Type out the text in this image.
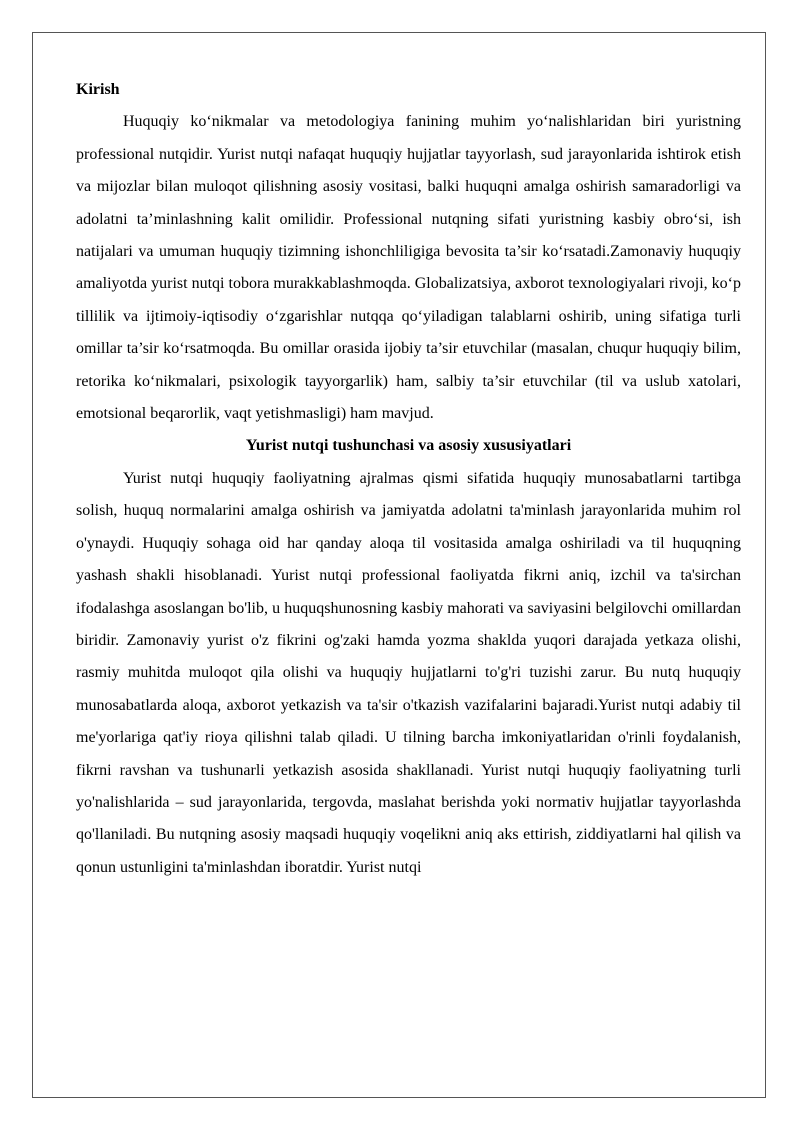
Kirish

Huquqiy ko‘nikmalar va metodologiya fanining muhim yo‘nalishlaridan biri yuristning professional nutqidir. Yurist nutqi nafaqat huquqiy hujjatlar tayyorlash, sud jarayonlarida ishtirok etish va mijozlar bilan muloqot qilishning asosiy vositasi, balki huquqni amalga oshirish samaradorligi va adolatni ta’minlashning kalit omilidir. Professional nutqning sifati yuristning kasbiy obro‘si, ish natijalari va umuman huquqiy tizimning ishonchliligiga bevosita ta’sir ko‘rsatadi.Zamonaviy huquqiy amaliyotda yurist nutqi tobora murakkablashmoqda. Globalizatsiya, axborot texnologiyalari rivoji, ko‘p tillilik va ijtimoiy-iqtisodiy o‘zgarishlar nutqqa qo‘yiladigan talablarni oshirib, uning sifatiga turli omillar ta’sir ko‘rsatmoqda. Bu omillar orasida ijobiy ta’sir etuvchilar (masalan, chuqur huquqiy bilim, retorika ko‘nikmalari, psixologik tayyorgarlik) ham, salbiy ta’sir etuvchilar (til va uslub xatolari, emotsional beqarorlik, vaqt yetishmasligi) ham mavjud.

Yurist nutqi tushunchasi va asosiy xususiyatlari

Yurist nutqi huquqiy faoliyatning ajralmas qismi sifatida huquqiy munosabatlarni tartibga solish, huquq normalarini amalga oshirish va jamiyatda adolatni ta'minlash jarayonlarida muhim rol o'ynaydi. Huquqiy sohaga oid har qanday aloqa til vositasida amalga oshiriladi va til huquqning yashash shakli hisoblanadi. Yurist nutqi professional faoliyatda fikrni aniq, izchil va ta'sirchan ifodalashga asoslangan bo'lib, u huquqshunosning kasbiy mahorati va saviyasini belgilovchi omillardan biridir. Zamonaviy yurist o'z fikrini og'zaki hamda yozma shaklda yuqori darajada yetkaza olishi, rasmiy muhitda muloqot qila olishi va huquqiy hujjatlarni to'g'ri tuzishi zarur. Bu nutq huquqiy munosabatlarda aloqa, axborot yetkazish va ta'sir o'tkazish vazifalarini bajaradi.Yurist nutqi adabiy til me'yorlariga qat'iy rioya qilishni talab qiladi. U tilning barcha imkoniyatlaridan o'rinli foydalanish, fikrni ravshan va tushunarli yetkazish asosida shakllanadi. Yurist nutqi huquqiy faoliyatning turli yo'nalishlarida – sud jarayonlarida, tergovda, maslahat berishda yoki normativ hujjatlar tayyorlashda qo'llaniladi. Bu nutqning asosiy maqsadi huquqiy voqelikni aniq aks ettirish, ziddiyatlarni hal qilish va qonun ustunligini ta'minlashdan iboratdir. Yurist nutqi
